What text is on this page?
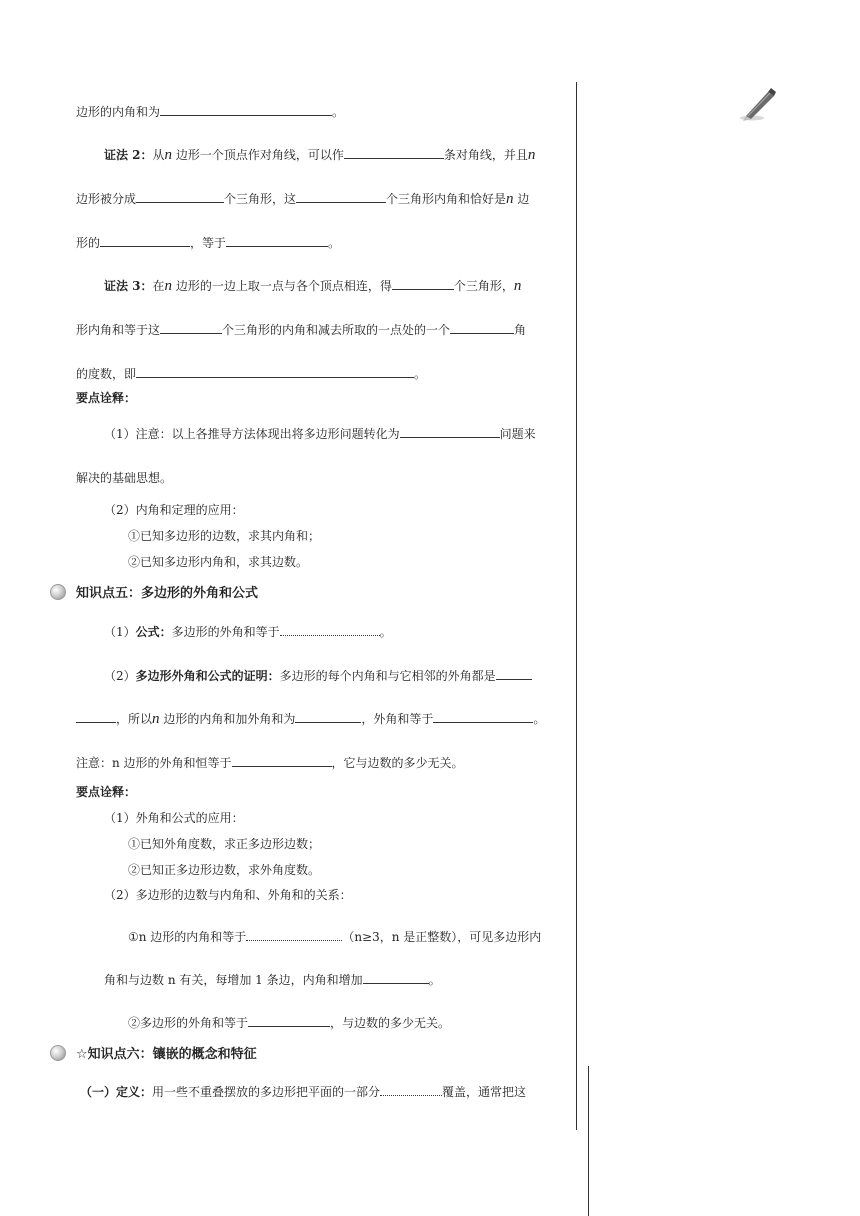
边形的内角和为	。
证法 2：从n 边形一个顶点作对角线，可以作	条对角线，并且n
边形被分成	个三角形，这	个三角形内角和恰好是n 边
形的	，等于	。
证法 3：在n 边形的一边上取一点与各个顶点相连，得	个三角形，n
形内角和等于这	个三角形的内角和减去所取的一点处的一个	角
的度数，即	。
要点诠释：
（1）注意：以上各推导方法体现出将多边形问题转化为	问题来
解决的基础思想。
（2）内角和定理的应用：
①已知多边形的边数，求其内角和；
②已知多边形内角和，求其边数。
知识点五：多边形的外角和公式
（1）公式：多边形的外角和等于	。
（2）多边形外角和公式的证明：多边形的每个内角和与它相邻的外角都是
，所以n 边形的内角和加外角和为	，外角和等于	。
注意：n 边形的外角和恒等于	，它与边数的多少无关。
要点诠释：
（1）外角和公式的应用：
①已知外角度数，求正多边形边数；
②已知正多边形边数，求外角度数。
（2）多边形的边数与内角和、外角和的关系：
①n 边形的内角和等于	（n≥3，n 是正整数），可见多边形内
角和与边数 n 有关，每增加 1 条边，内角和增加	。
②多边形的外角和等于	，与边数的多少无关。
☆知识点六：镶嵌的概念和特征
（一）定义：用一些不重叠摆放的多边形把平面的一部分	覆盖，通常把这
